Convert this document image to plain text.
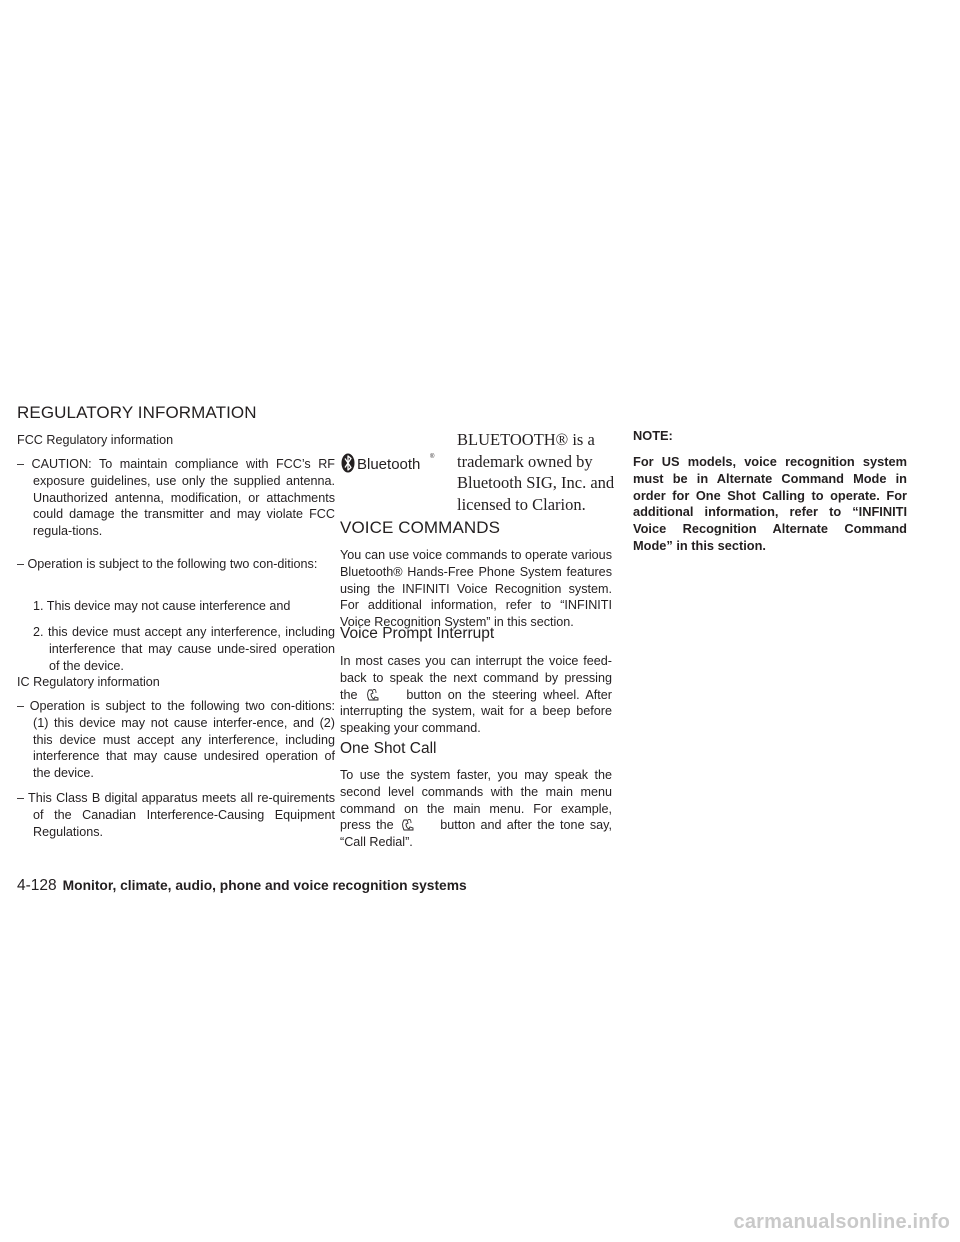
REGULATORY INFORMATION

FCC Regulatory information

– CAUTION: To maintain compliance with FCC’s RF exposure guidelines, use only the supplied antenna. Unauthorized antenna, modification, or attachments could damage the transmitter and may violate FCC regula-tions.

– Operation is subject to the following two con-ditions:

1. This device may not cause interference and

2. this device must accept any interference, including interference that may cause unde-sired operation of the device.

IC Regulatory information

– Operation is subject to the following two con-ditions: (1) this device may not cause interfer-ence, and (2) this device must accept any interference, including interference that may cause undesired operation of the device.

– This Class B digital apparatus meets all re-quirements of the Canadian Interference-Causing Equipment Regulations.

Bluetooth ®

BLUETOOTH® is a trademark owned by Bluetooth SIG, Inc. and licensed to Clarion.

VOICE COMMANDS

You can use voice commands to operate various Bluetooth® Hands-Free Phone System features using the INFINITI Voice Recognition system. For additional information, refer to “INFINITI Voice Recognition System” in this section.

Voice Prompt Interrupt

In most cases you can interrupt the voice feed-back to speak the next command by pressing the	button on the steering wheel. After interrupting the system, wait for a beep before speaking your command.

One Shot Call

To use the system faster, you may speak the second level commands with the main menu command on the main menu. For example, press the	button and after the tone say, “Call Redial”.

NOTE:

For US models, voice recognition system must be in Alternate Command Mode in order for One Shot Calling to operate. For additional information, refer to “INFINITI Voice Recognition Alternate Command Mode” in this section.

4-128 Monitor, climate, audio, phone and voice recognition systems
carmanualsonline.info
